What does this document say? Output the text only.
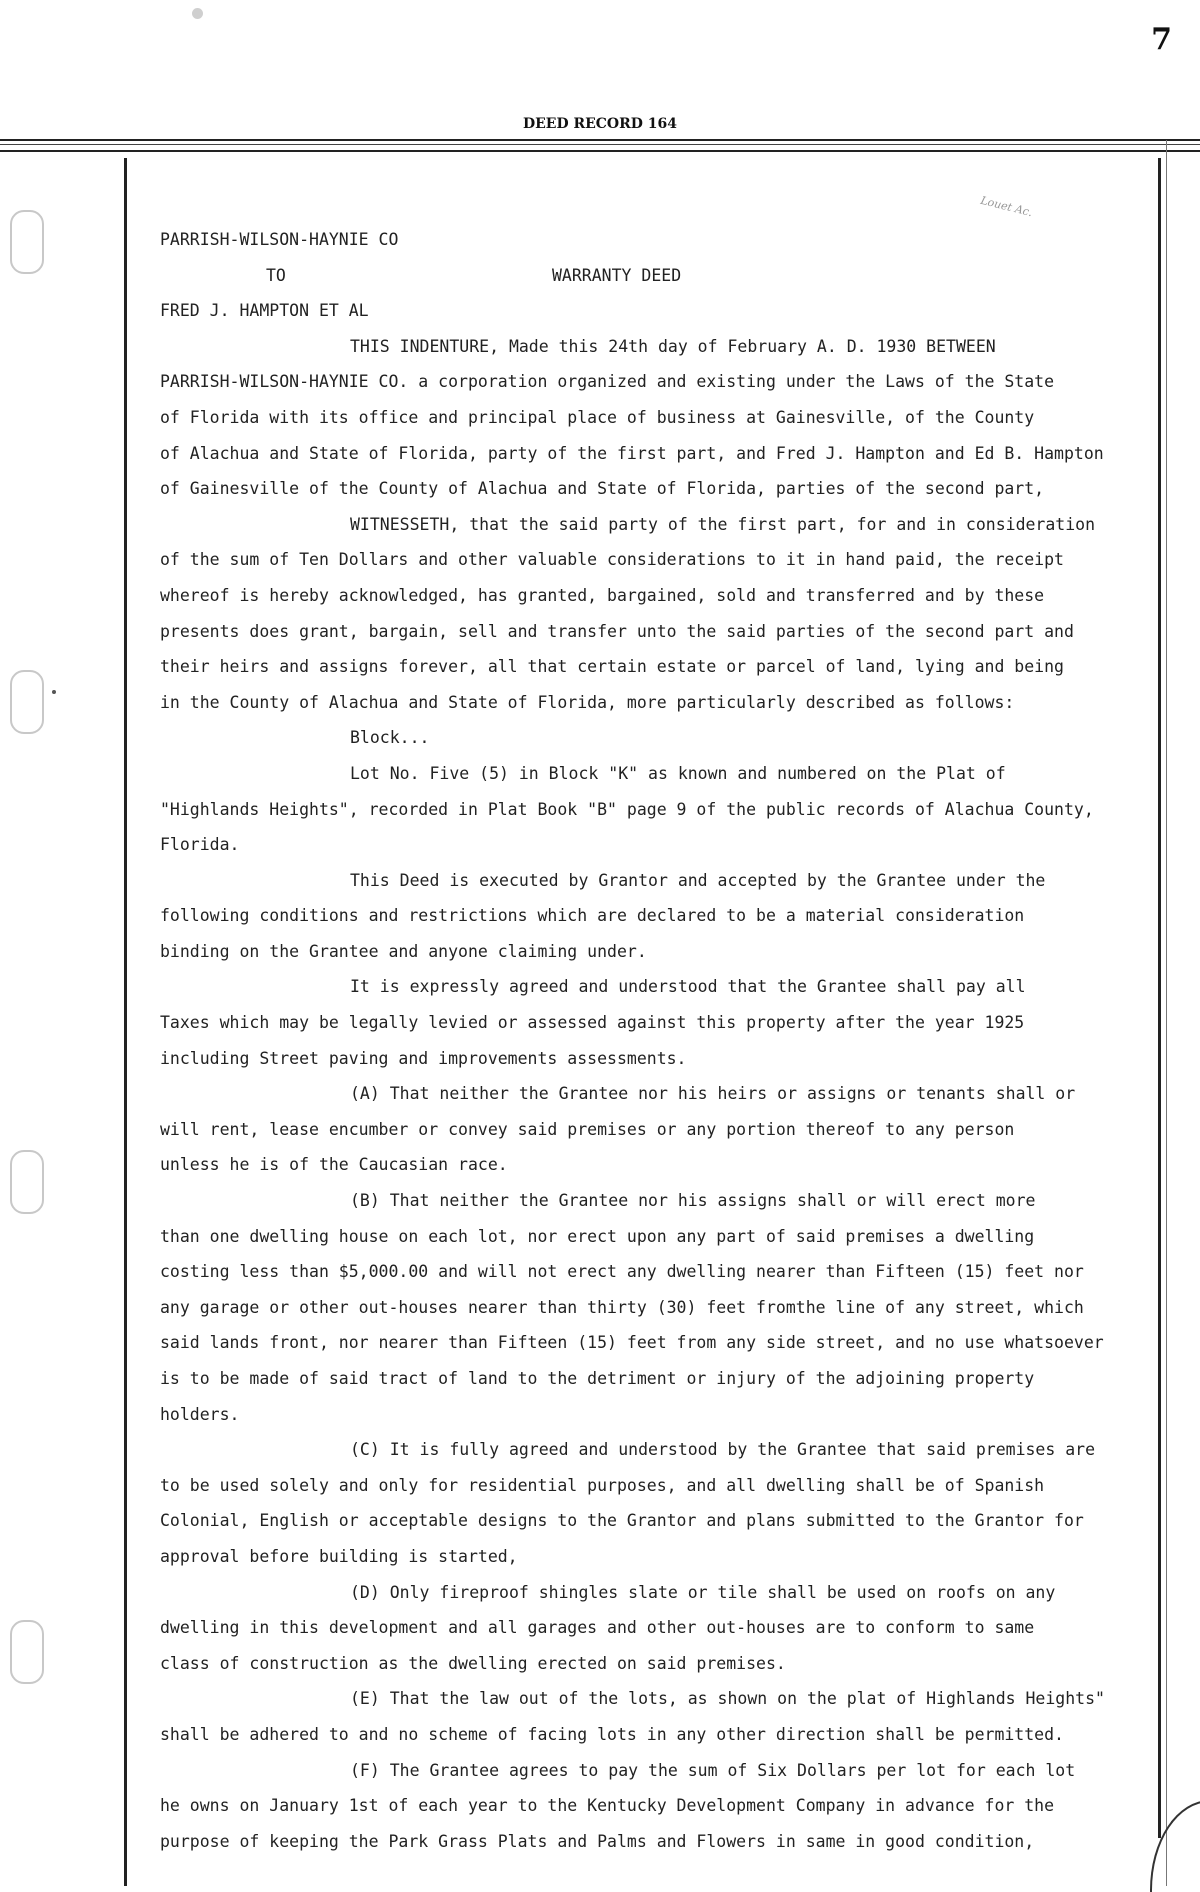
7
DEED RECORD 164
Louet Ac.
PARRISH-WILSON-HAYNIE CO
TO	WARRANTY DEED
FRED J. HAMPTON ET AL
THIS INDENTURE, Made this 24th day of February A. D. 1930 BETWEEN
PARRISH-WILSON-HAYNIE CO. a corporation organized and existing under the Laws of the State
of Florida with its office and principal place of business at Gainesville, of the County
of Alachua and State of Florida, party of the first part, and Fred J. Hampton and Ed B. Hampton
of Gainesville of the County of Alachua and State of Florida, parties of the second part,
WITNESSETH, that the said party of the first part, for and in consideration
of the sum of Ten Dollars and other valuable considerations to it in hand paid, the receipt
whereof is hereby acknowledged, has granted, bargained, sold and transferred and by these
presents does grant, bargain, sell and transfer unto the said parties of the second part and
their heirs and assigns forever, all that certain estate or parcel of land, lying and being
in the County of Alachua and State of Florida, more particularly described as follows:
Block...
Lot No. Five (5) in Block "K" as known and numbered on the Plat of
"Highlands Heights", recorded in Plat Book "B" page 9 of the public records of Alachua County,
Florida.
This Deed is executed by Grantor and accepted by the Grantee under the
following conditions and restrictions which are declared to be a material consideration
binding on the Grantee and anyone claiming under.
It is expressly agreed and understood that the Grantee shall pay all
Taxes which may be legally levied or assessed against this property after the year 1925
including Street paving and improvements assessments.
(A) That neither the Grantee nor his heirs or assigns or tenants shall or
will rent, lease encumber or convey said premises or any portion thereof to any person
unless he is of the Caucasian race.
(B) That neither the Grantee nor his assigns shall or will erect more
than one dwelling house on each lot, nor erect upon any part of said premises a dwelling
costing less than $5,000.00 and will not erect any dwelling nearer than Fifteen (15) feet nor
any garage or other out-houses nearer than thirty (30) feet fromthe line of any street, which
said lands front, nor nearer than Fifteen (15) feet from any side street, and no use whatsoever
is to be made of said tract of land to the detriment or injury of the adjoining property
holders.
(C) It is fully agreed and understood by the Grantee that said premises are
to be used solely and only for residential purposes, and all dwelling shall be of Spanish
Colonial, English or acceptable designs to the Grantor and plans submitted to the Grantor for
approval before building is started,
(D) Only fireproof shingles slate or tile shall be used on roofs on any
dwelling in this development and all garages and other out-houses are to conform to same
class of construction as the dwelling erected on said premises.
(E) That the law out of the lots, as shown on the plat of Highlands Heights"
shall be adhered to and no scheme of facing lots in any other direction shall be permitted.
(F) The Grantee agrees to pay the sum of Six Dollars per lot for each lot
he owns on January 1st of each year to the Kentucky Development Company in advance for the
purpose of keeping the Park Grass Plats and Palms and Flowers in same in good condition,
